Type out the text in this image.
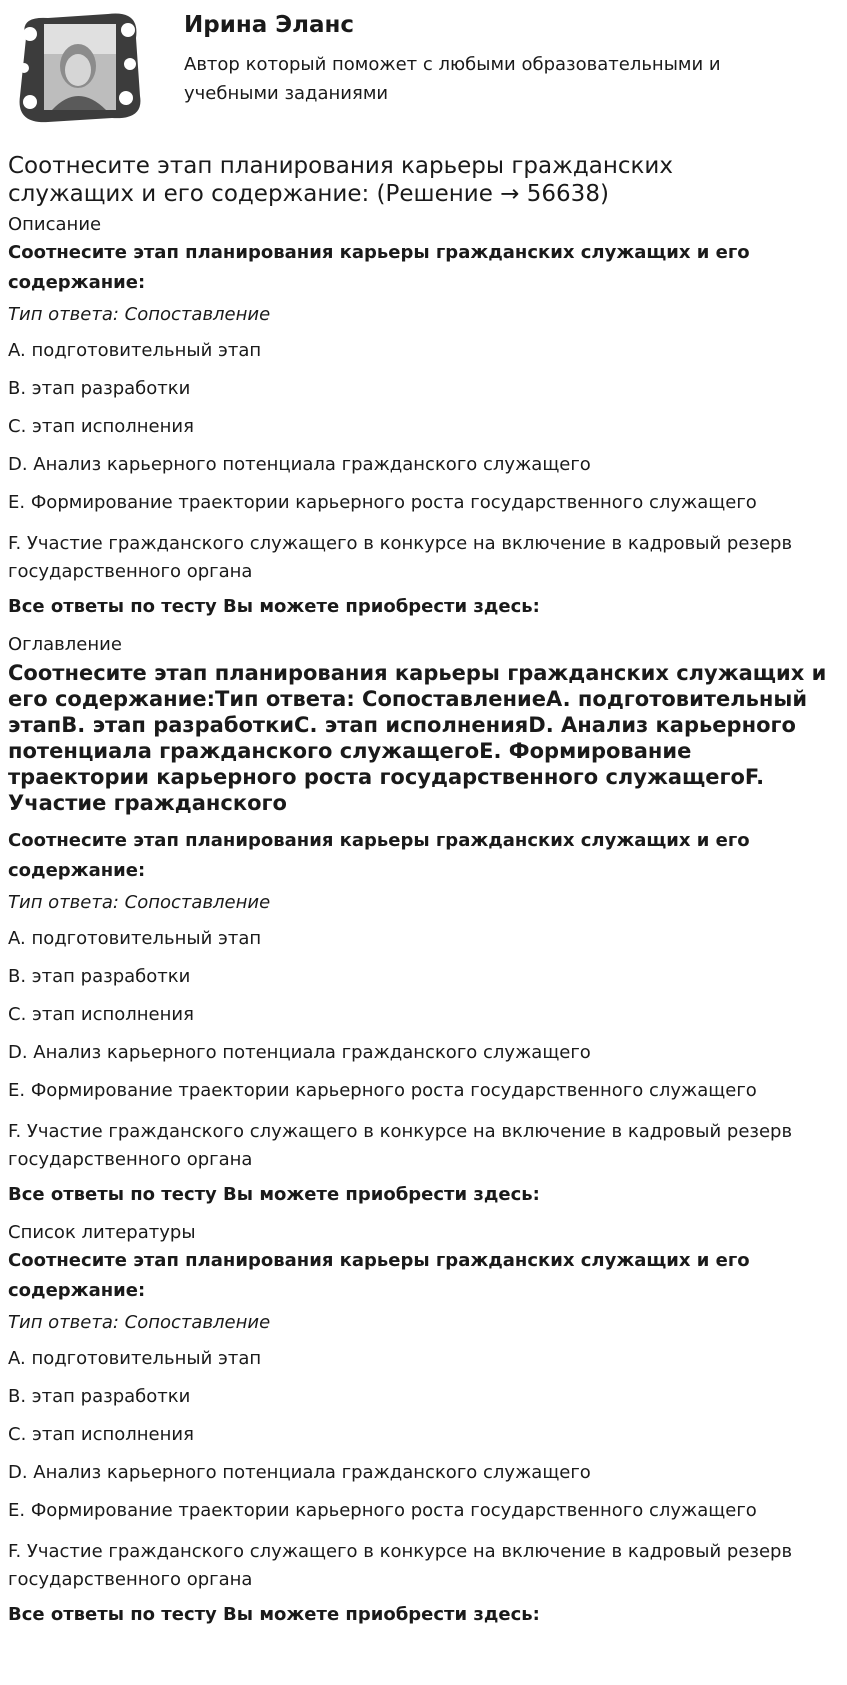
Ирина Эланс
Автор который поможет с любыми образовательными и учебными заданиями
Соотнесите этап планирования карьеры гражданских служащих и его содержание: (Решение → 56638)

Описание

Соотнесите этап планирования карьеры гражданских служащих и его содержание:

Тип ответа: Сопоставление

A. подготовительный этап

B. этап разработки

C. этап исполнения

D. Анализ карьерного потенциала гражданского служащего

E. Формирование траектории карьерного роста государственного служащего

F. Участие гражданского служащего в конкурсе на включение в кадровый резерв государственного органа

Все ответы по тесту Вы можете приобрести здесь:

Оглавление

Соотнесите этап планирования карьеры гражданских служащих и его содержание:Тип ответа: СопоставлениеA. подготовительный этапB. этап разработкиC. этап исполненияD. Анализ карьерного потенциала гражданского служащегоE. Формирование траектории карьерного роста государственного служащегоF. Участие гражданского

Соотнесите этап планирования карьеры гражданских служащих и его содержание:

Тип ответа: Сопоставление

A. подготовительный этап

B. этап разработки

C. этап исполнения

D. Анализ карьерного потенциала гражданского служащего

E. Формирование траектории карьерного роста государственного служащего

F. Участие гражданского служащего в конкурсе на включение в кадровый резерв государственного органа

Все ответы по тесту Вы можете приобрести здесь:

Список литературы

Соотнесите этап планирования карьеры гражданских служащих и его содержание:

Тип ответа: Сопоставление

A. подготовительный этап

B. этап разработки

C. этап исполнения

D. Анализ карьерного потенциала гражданского служащего

E. Формирование траектории карьерного роста государственного служащего

F. Участие гражданского служащего в конкурсе на включение в кадровый резерв государственного органа

Все ответы по тесту Вы можете приобрести здесь:
